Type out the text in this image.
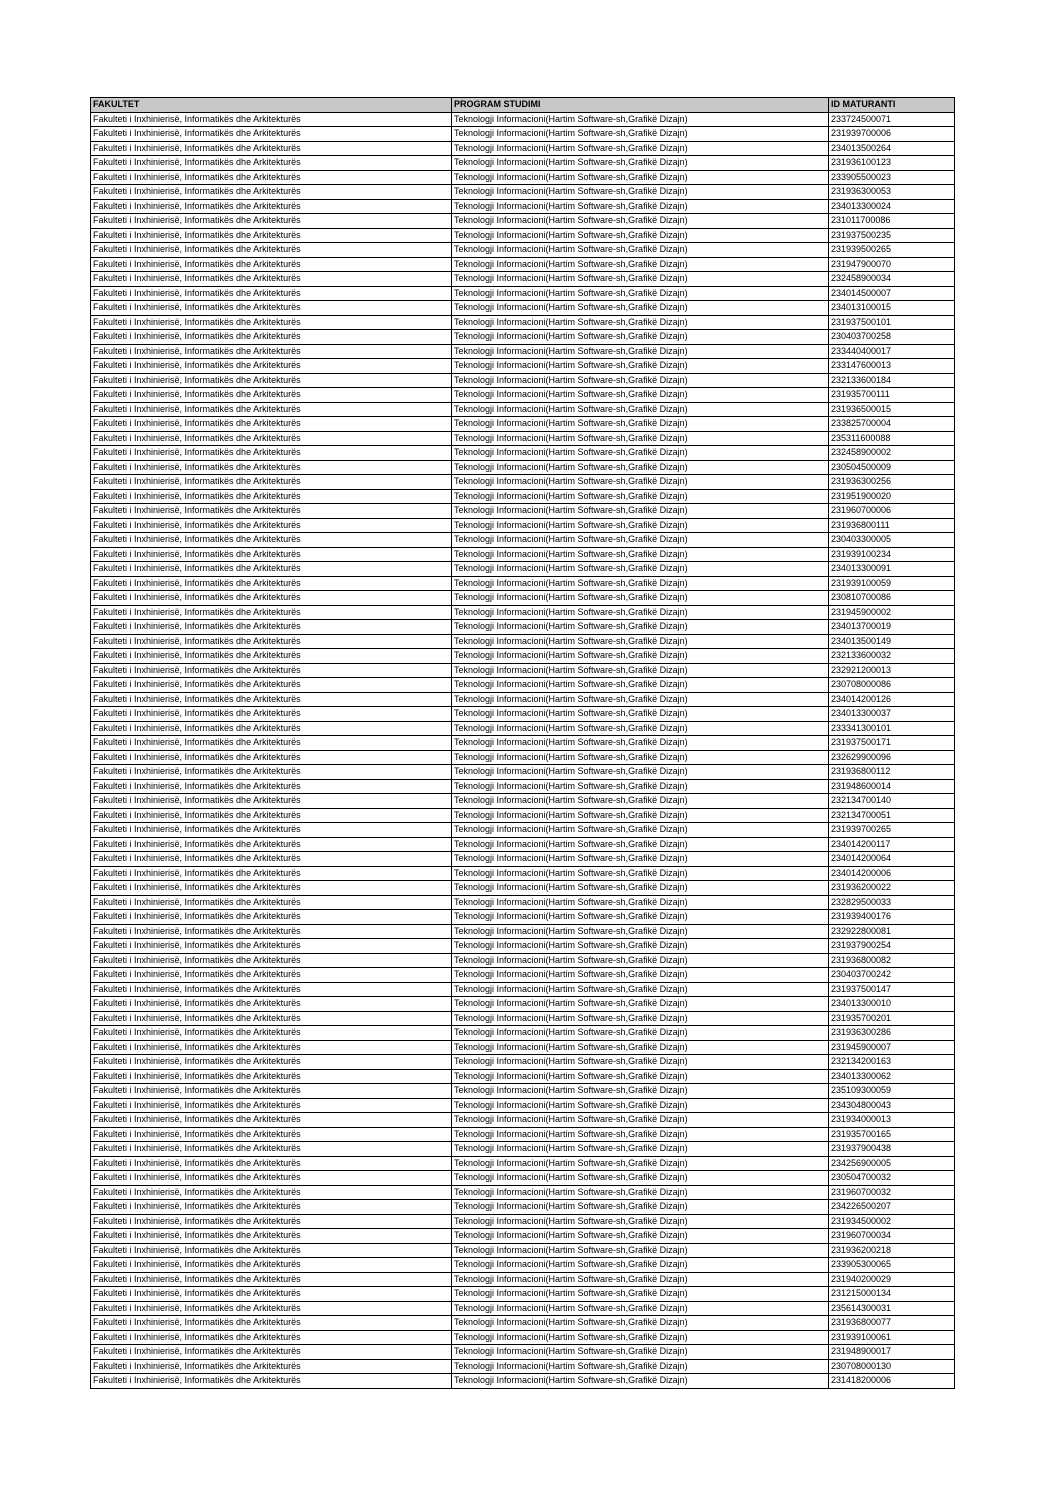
FAKULTET	PROGRAM STUDIMI	ID MATURANTI
Fakulteti i Inxhinierisë, Informatikës dhe Arkitekturës	Teknologji Informacioni(Hartim Software-sh,Grafikë Dizajn)	233724500071
Fakulteti i Inxhinierisë, Informatikës dhe Arkitekturës	Teknologji Informacioni(Hartim Software-sh,Grafikë Dizajn)	231939700006
Fakulteti i Inxhinierisë, Informatikës dhe Arkitekturës	Teknologji Informacioni(Hartim Software-sh,Grafikë Dizajn)	234013500264
Fakulteti i Inxhinierisë, Informatikës dhe Arkitekturës	Teknologji Informacioni(Hartim Software-sh,Grafikë Dizajn)	231936100123
Fakulteti i Inxhinierisë, Informatikës dhe Arkitekturës	Teknologji Informacioni(Hartim Software-sh,Grafikë Dizajn)	233905500023
Fakulteti i Inxhinierisë, Informatikës dhe Arkitekturës	Teknologji Informacioni(Hartim Software-sh,Grafikë Dizajn)	231936300053
Fakulteti i Inxhinierisë, Informatikës dhe Arkitekturës	Teknologji Informacioni(Hartim Software-sh,Grafikë Dizajn)	234013300024
Fakulteti i Inxhinierisë, Informatikës dhe Arkitekturës	Teknologji Informacioni(Hartim Software-sh,Grafikë Dizajn)	231011700086
Fakulteti i Inxhinierisë, Informatikës dhe Arkitekturës	Teknologji Informacioni(Hartim Software-sh,Grafikë Dizajn)	231937500235
Fakulteti i Inxhinierisë, Informatikës dhe Arkitekturës	Teknologji Informacioni(Hartim Software-sh,Grafikë Dizajn)	231939500265
Fakulteti i Inxhinierisë, Informatikës dhe Arkitekturës	Teknologji Informacioni(Hartim Software-sh,Grafikë Dizajn)	231947900070
Fakulteti i Inxhinierisë, Informatikës dhe Arkitekturës	Teknologji Informacioni(Hartim Software-sh,Grafikë Dizajn)	232458900034
Fakulteti i Inxhinierisë, Informatikës dhe Arkitekturës	Teknologji Informacioni(Hartim Software-sh,Grafikë Dizajn)	234014500007
Fakulteti i Inxhinierisë, Informatikës dhe Arkitekturës	Teknologji Informacioni(Hartim Software-sh,Grafikë Dizajn)	234013100015
Fakulteti i Inxhinierisë, Informatikës dhe Arkitekturës	Teknologji Informacioni(Hartim Software-sh,Grafikë Dizajn)	231937500101
Fakulteti i Inxhinierisë, Informatikës dhe Arkitekturës	Teknologji Informacioni(Hartim Software-sh,Grafikë Dizajn)	230403700258
Fakulteti i Inxhinierisë, Informatikës dhe Arkitekturës	Teknologji Informacioni(Hartim Software-sh,Grafikë Dizajn)	233440400017
Fakulteti i Inxhinierisë, Informatikës dhe Arkitekturës	Teknologji Informacioni(Hartim Software-sh,Grafikë Dizajn)	233147600013
Fakulteti i Inxhinierisë, Informatikës dhe Arkitekturës	Teknologji Informacioni(Hartim Software-sh,Grafikë Dizajn)	232133600184
Fakulteti i Inxhinierisë, Informatikës dhe Arkitekturës	Teknologji Informacioni(Hartim Software-sh,Grafikë Dizajn)	231935700111
Fakulteti i Inxhinierisë, Informatikës dhe Arkitekturës	Teknologji Informacioni(Hartim Software-sh,Grafikë Dizajn)	231936500015
Fakulteti i Inxhinierisë, Informatikës dhe Arkitekturës	Teknologji Informacioni(Hartim Software-sh,Grafikë Dizajn)	233825700004
Fakulteti i Inxhinierisë, Informatikës dhe Arkitekturës	Teknologji Informacioni(Hartim Software-sh,Grafikë Dizajn)	235311600088
Fakulteti i Inxhinierisë, Informatikës dhe Arkitekturës	Teknologji Informacioni(Hartim Software-sh,Grafikë Dizajn)	232458900002
Fakulteti i Inxhinierisë, Informatikës dhe Arkitekturës	Teknologji Informacioni(Hartim Software-sh,Grafikë Dizajn)	230504500009
Fakulteti i Inxhinierisë, Informatikës dhe Arkitekturës	Teknologji Informacioni(Hartim Software-sh,Grafikë Dizajn)	231936300256
Fakulteti i Inxhinierisë, Informatikës dhe Arkitekturës	Teknologji Informacioni(Hartim Software-sh,Grafikë Dizajn)	231951900020
Fakulteti i Inxhinierisë, Informatikës dhe Arkitekturës	Teknologji Informacioni(Hartim Software-sh,Grafikë Dizajn)	231960700006
Fakulteti i Inxhinierisë, Informatikës dhe Arkitekturës	Teknologji Informacioni(Hartim Software-sh,Grafikë Dizajn)	231936800111
Fakulteti i Inxhinierisë, Informatikës dhe Arkitekturës	Teknologji Informacioni(Hartim Software-sh,Grafikë Dizajn)	230403300005
Fakulteti i Inxhinierisë, Informatikës dhe Arkitekturës	Teknologji Informacioni(Hartim Software-sh,Grafikë Dizajn)	231939100234
Fakulteti i Inxhinierisë, Informatikës dhe Arkitekturës	Teknologji Informacioni(Hartim Software-sh,Grafikë Dizajn)	234013300091
Fakulteti i Inxhinierisë, Informatikës dhe Arkitekturës	Teknologji Informacioni(Hartim Software-sh,Grafikë Dizajn)	231939100059
Fakulteti i Inxhinierisë, Informatikës dhe Arkitekturës	Teknologji Informacioni(Hartim Software-sh,Grafikë Dizajn)	230810700086
Fakulteti i Inxhinierisë, Informatikës dhe Arkitekturës	Teknologji Informacioni(Hartim Software-sh,Grafikë Dizajn)	231945900002
Fakulteti i Inxhinierisë, Informatikës dhe Arkitekturës	Teknologji Informacioni(Hartim Software-sh,Grafikë Dizajn)	234013700019
Fakulteti i Inxhinierisë, Informatikës dhe Arkitekturës	Teknologji Informacioni(Hartim Software-sh,Grafikë Dizajn)	234013500149
Fakulteti i Inxhinierisë, Informatikës dhe Arkitekturës	Teknologji Informacioni(Hartim Software-sh,Grafikë Dizajn)	232133600032
Fakulteti i Inxhinierisë, Informatikës dhe Arkitekturës	Teknologji Informacioni(Hartim Software-sh,Grafikë Dizajn)	232921200013
Fakulteti i Inxhinierisë, Informatikës dhe Arkitekturës	Teknologji Informacioni(Hartim Software-sh,Grafikë Dizajn)	230708000086
Fakulteti i Inxhinierisë, Informatikës dhe Arkitekturës	Teknologji Informacioni(Hartim Software-sh,Grafikë Dizajn)	234014200126
Fakulteti i Inxhinierisë, Informatikës dhe Arkitekturës	Teknologji Informacioni(Hartim Software-sh,Grafikë Dizajn)	234013300037
Fakulteti i Inxhinierisë, Informatikës dhe Arkitekturës	Teknologji Informacioni(Hartim Software-sh,Grafikë Dizajn)	233341300101
Fakulteti i Inxhinierisë, Informatikës dhe Arkitekturës	Teknologji Informacioni(Hartim Software-sh,Grafikë Dizajn)	231937500171
Fakulteti i Inxhinierisë, Informatikës dhe Arkitekturës	Teknologji Informacioni(Hartim Software-sh,Grafikë Dizajn)	232629900096
Fakulteti i Inxhinierisë, Informatikës dhe Arkitekturës	Teknologji Informacioni(Hartim Software-sh,Grafikë Dizajn)	231936800112
Fakulteti i Inxhinierisë, Informatikës dhe Arkitekturës	Teknologji Informacioni(Hartim Software-sh,Grafikë Dizajn)	231948600014
Fakulteti i Inxhinierisë, Informatikës dhe Arkitekturës	Teknologji Informacioni(Hartim Software-sh,Grafikë Dizajn)	232134700140
Fakulteti i Inxhinierisë, Informatikës dhe Arkitekturës	Teknologji Informacioni(Hartim Software-sh,Grafikë Dizajn)	232134700051
Fakulteti i Inxhinierisë, Informatikës dhe Arkitekturës	Teknologji Informacioni(Hartim Software-sh,Grafikë Dizajn)	231939700265
Fakulteti i Inxhinierisë, Informatikës dhe Arkitekturës	Teknologji Informacioni(Hartim Software-sh,Grafikë Dizajn)	234014200117
Fakulteti i Inxhinierisë, Informatikës dhe Arkitekturës	Teknologji Informacioni(Hartim Software-sh,Grafikë Dizajn)	234014200064
Fakulteti i Inxhinierisë, Informatikës dhe Arkitekturës	Teknologji Informacioni(Hartim Software-sh,Grafikë Dizajn)	234014200006
Fakulteti i Inxhinierisë, Informatikës dhe Arkitekturës	Teknologji Informacioni(Hartim Software-sh,Grafikë Dizajn)	231936200022
Fakulteti i Inxhinierisë, Informatikës dhe Arkitekturës	Teknologji Informacioni(Hartim Software-sh,Grafikë Dizajn)	232829500033
Fakulteti i Inxhinierisë, Informatikës dhe Arkitekturës	Teknologji Informacioni(Hartim Software-sh,Grafikë Dizajn)	231939400176
Fakulteti i Inxhinierisë, Informatikës dhe Arkitekturës	Teknologji Informacioni(Hartim Software-sh,Grafikë Dizajn)	232922800081
Fakulteti i Inxhinierisë, Informatikës dhe Arkitekturës	Teknologji Informacioni(Hartim Software-sh,Grafikë Dizajn)	231937900254
Fakulteti i Inxhinierisë, Informatikës dhe Arkitekturës	Teknologji Informacioni(Hartim Software-sh,Grafikë Dizajn)	231936800082
Fakulteti i Inxhinierisë, Informatikës dhe Arkitekturës	Teknologji Informacioni(Hartim Software-sh,Grafikë Dizajn)	230403700242
Fakulteti i Inxhinierisë, Informatikës dhe Arkitekturës	Teknologji Informacioni(Hartim Software-sh,Grafikë Dizajn)	231937500147
Fakulteti i Inxhinierisë, Informatikës dhe Arkitekturës	Teknologji Informacioni(Hartim Software-sh,Grafikë Dizajn)	234013300010
Fakulteti i Inxhinierisë, Informatikës dhe Arkitekturës	Teknologji Informacioni(Hartim Software-sh,Grafikë Dizajn)	231935700201
Fakulteti i Inxhinierisë, Informatikës dhe Arkitekturës	Teknologji Informacioni(Hartim Software-sh,Grafikë Dizajn)	231936300286
Fakulteti i Inxhinierisë, Informatikës dhe Arkitekturës	Teknologji Informacioni(Hartim Software-sh,Grafikë Dizajn)	231945900007
Fakulteti i Inxhinierisë, Informatikës dhe Arkitekturës	Teknologji Informacioni(Hartim Software-sh,Grafikë Dizajn)	232134200163
Fakulteti i Inxhinierisë, Informatikës dhe Arkitekturës	Teknologji Informacioni(Hartim Software-sh,Grafikë Dizajn)	234013300062
Fakulteti i Inxhinierisë, Informatikës dhe Arkitekturës	Teknologji Informacioni(Hartim Software-sh,Grafikë Dizajn)	235109300059
Fakulteti i Inxhinierisë, Informatikës dhe Arkitekturës	Teknologji Informacioni(Hartim Software-sh,Grafikë Dizajn)	234304800043
Fakulteti i Inxhinierisë, Informatikës dhe Arkitekturës	Teknologji Informacioni(Hartim Software-sh,Grafikë Dizajn)	231934000013
Fakulteti i Inxhinierisë, Informatikës dhe Arkitekturës	Teknologji Informacioni(Hartim Software-sh,Grafikë Dizajn)	231935700165
Fakulteti i Inxhinierisë, Informatikës dhe Arkitekturës	Teknologji Informacioni(Hartim Software-sh,Grafikë Dizajn)	231937900438
Fakulteti i Inxhinierisë, Informatikës dhe Arkitekturës	Teknologji Informacioni(Hartim Software-sh,Grafikë Dizajn)	234256900005
Fakulteti i Inxhinierisë, Informatikës dhe Arkitekturës	Teknologji Informacioni(Hartim Software-sh,Grafikë Dizajn)	230504700032
Fakulteti i Inxhinierisë, Informatikës dhe Arkitekturës	Teknologji Informacioni(Hartim Software-sh,Grafikë Dizajn)	231960700032
Fakulteti i Inxhinierisë, Informatikës dhe Arkitekturës	Teknologji Informacioni(Hartim Software-sh,Grafikë Dizajn)	234226500207
Fakulteti i Inxhinierisë, Informatikës dhe Arkitekturës	Teknologji Informacioni(Hartim Software-sh,Grafikë Dizajn)	231934500002
Fakulteti i Inxhinierisë, Informatikës dhe Arkitekturës	Teknologji Informacioni(Hartim Software-sh,Grafikë Dizajn)	231960700034
Fakulteti i Inxhinierisë, Informatikës dhe Arkitekturës	Teknologji Informacioni(Hartim Software-sh,Grafikë Dizajn)	231936200218
Fakulteti i Inxhinierisë, Informatikës dhe Arkitekturës	Teknologji Informacioni(Hartim Software-sh,Grafikë Dizajn)	233905300065
Fakulteti i Inxhinierisë, Informatikës dhe Arkitekturës	Teknologji Informacioni(Hartim Software-sh,Grafikë Dizajn)	231940200029
Fakulteti i Inxhinierisë, Informatikës dhe Arkitekturës	Teknologji Informacioni(Hartim Software-sh,Grafikë Dizajn)	231215000134
Fakulteti i Inxhinierisë, Informatikës dhe Arkitekturës	Teknologji Informacioni(Hartim Software-sh,Grafikë Dizajn)	235614300031
Fakulteti i Inxhinierisë, Informatikës dhe Arkitekturës	Teknologji Informacioni(Hartim Software-sh,Grafikë Dizajn)	231936800077
Fakulteti i Inxhinierisë, Informatikës dhe Arkitekturës	Teknologji Informacioni(Hartim Software-sh,Grafikë Dizajn)	231939100061
Fakulteti i Inxhinierisë, Informatikës dhe Arkitekturës	Teknologji Informacioni(Hartim Software-sh,Grafikë Dizajn)	231948900017
Fakulteti i Inxhinierisë, Informatikës dhe Arkitekturës	Teknologji Informacioni(Hartim Software-sh,Grafikë Dizajn)	230708000130
Fakulteti i Inxhinierisë, Informatikës dhe Arkitekturës	Teknologji Informacioni(Hartim Software-sh,Grafikë Dizajn)	231418200006
